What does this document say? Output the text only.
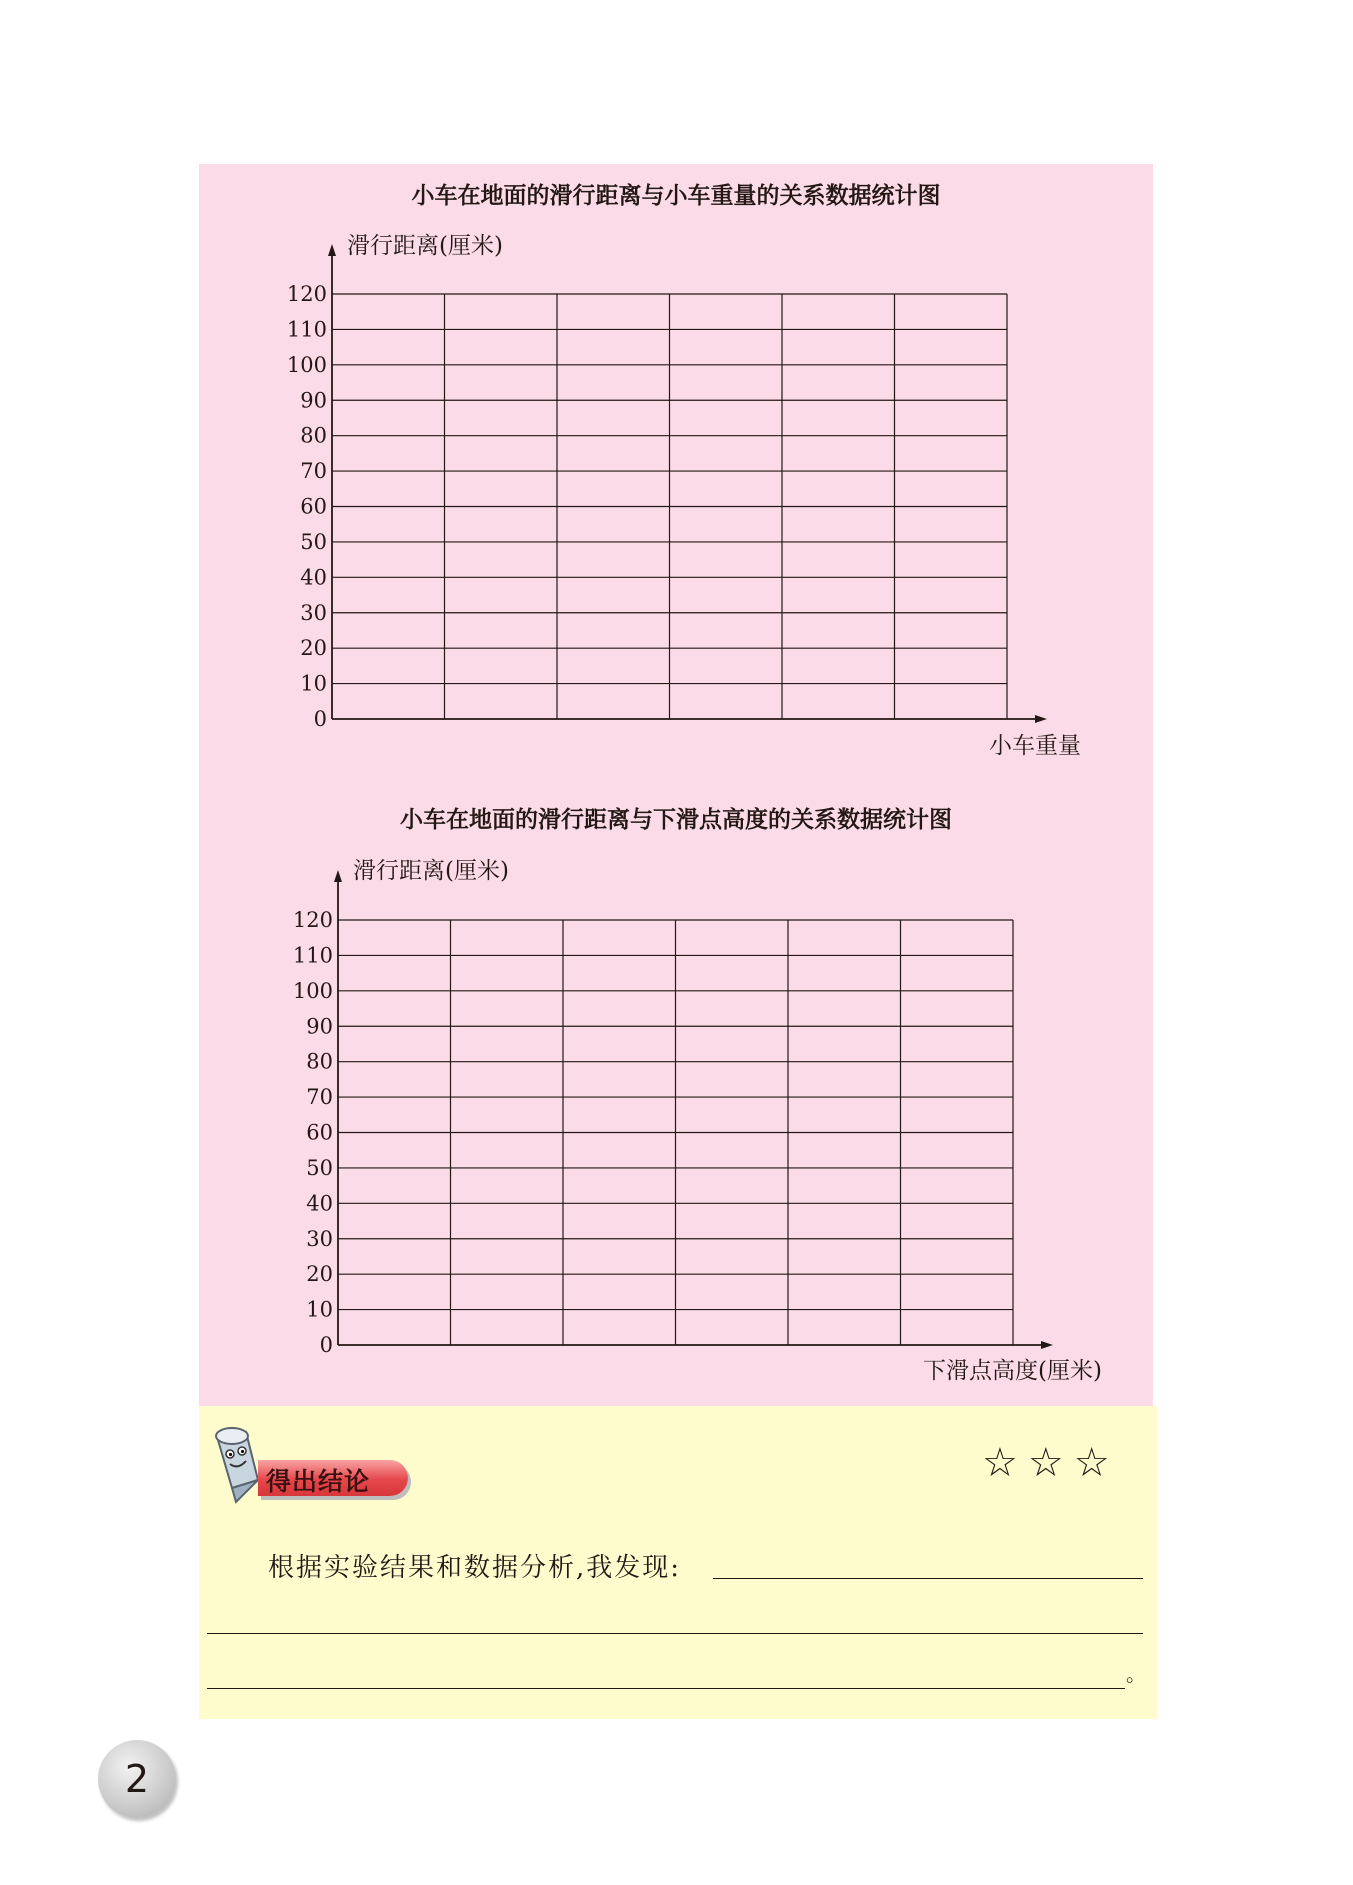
小车在地面的滑行距离与小车重量的关系数据统计图
滑行距离(厘米)
小车重量
0
10
20
30
40
50
60
70
80
90
100
110
120
小车在地面的滑行距离与下滑点高度的关系数据统计图
滑行距离(厘米)
下滑点高度(厘米)
0
10
20
30
40
50
60
70
80
90
100
110
120
得出结论	☆☆☆
根据实验结果和数据分析,我发现:
。
2
